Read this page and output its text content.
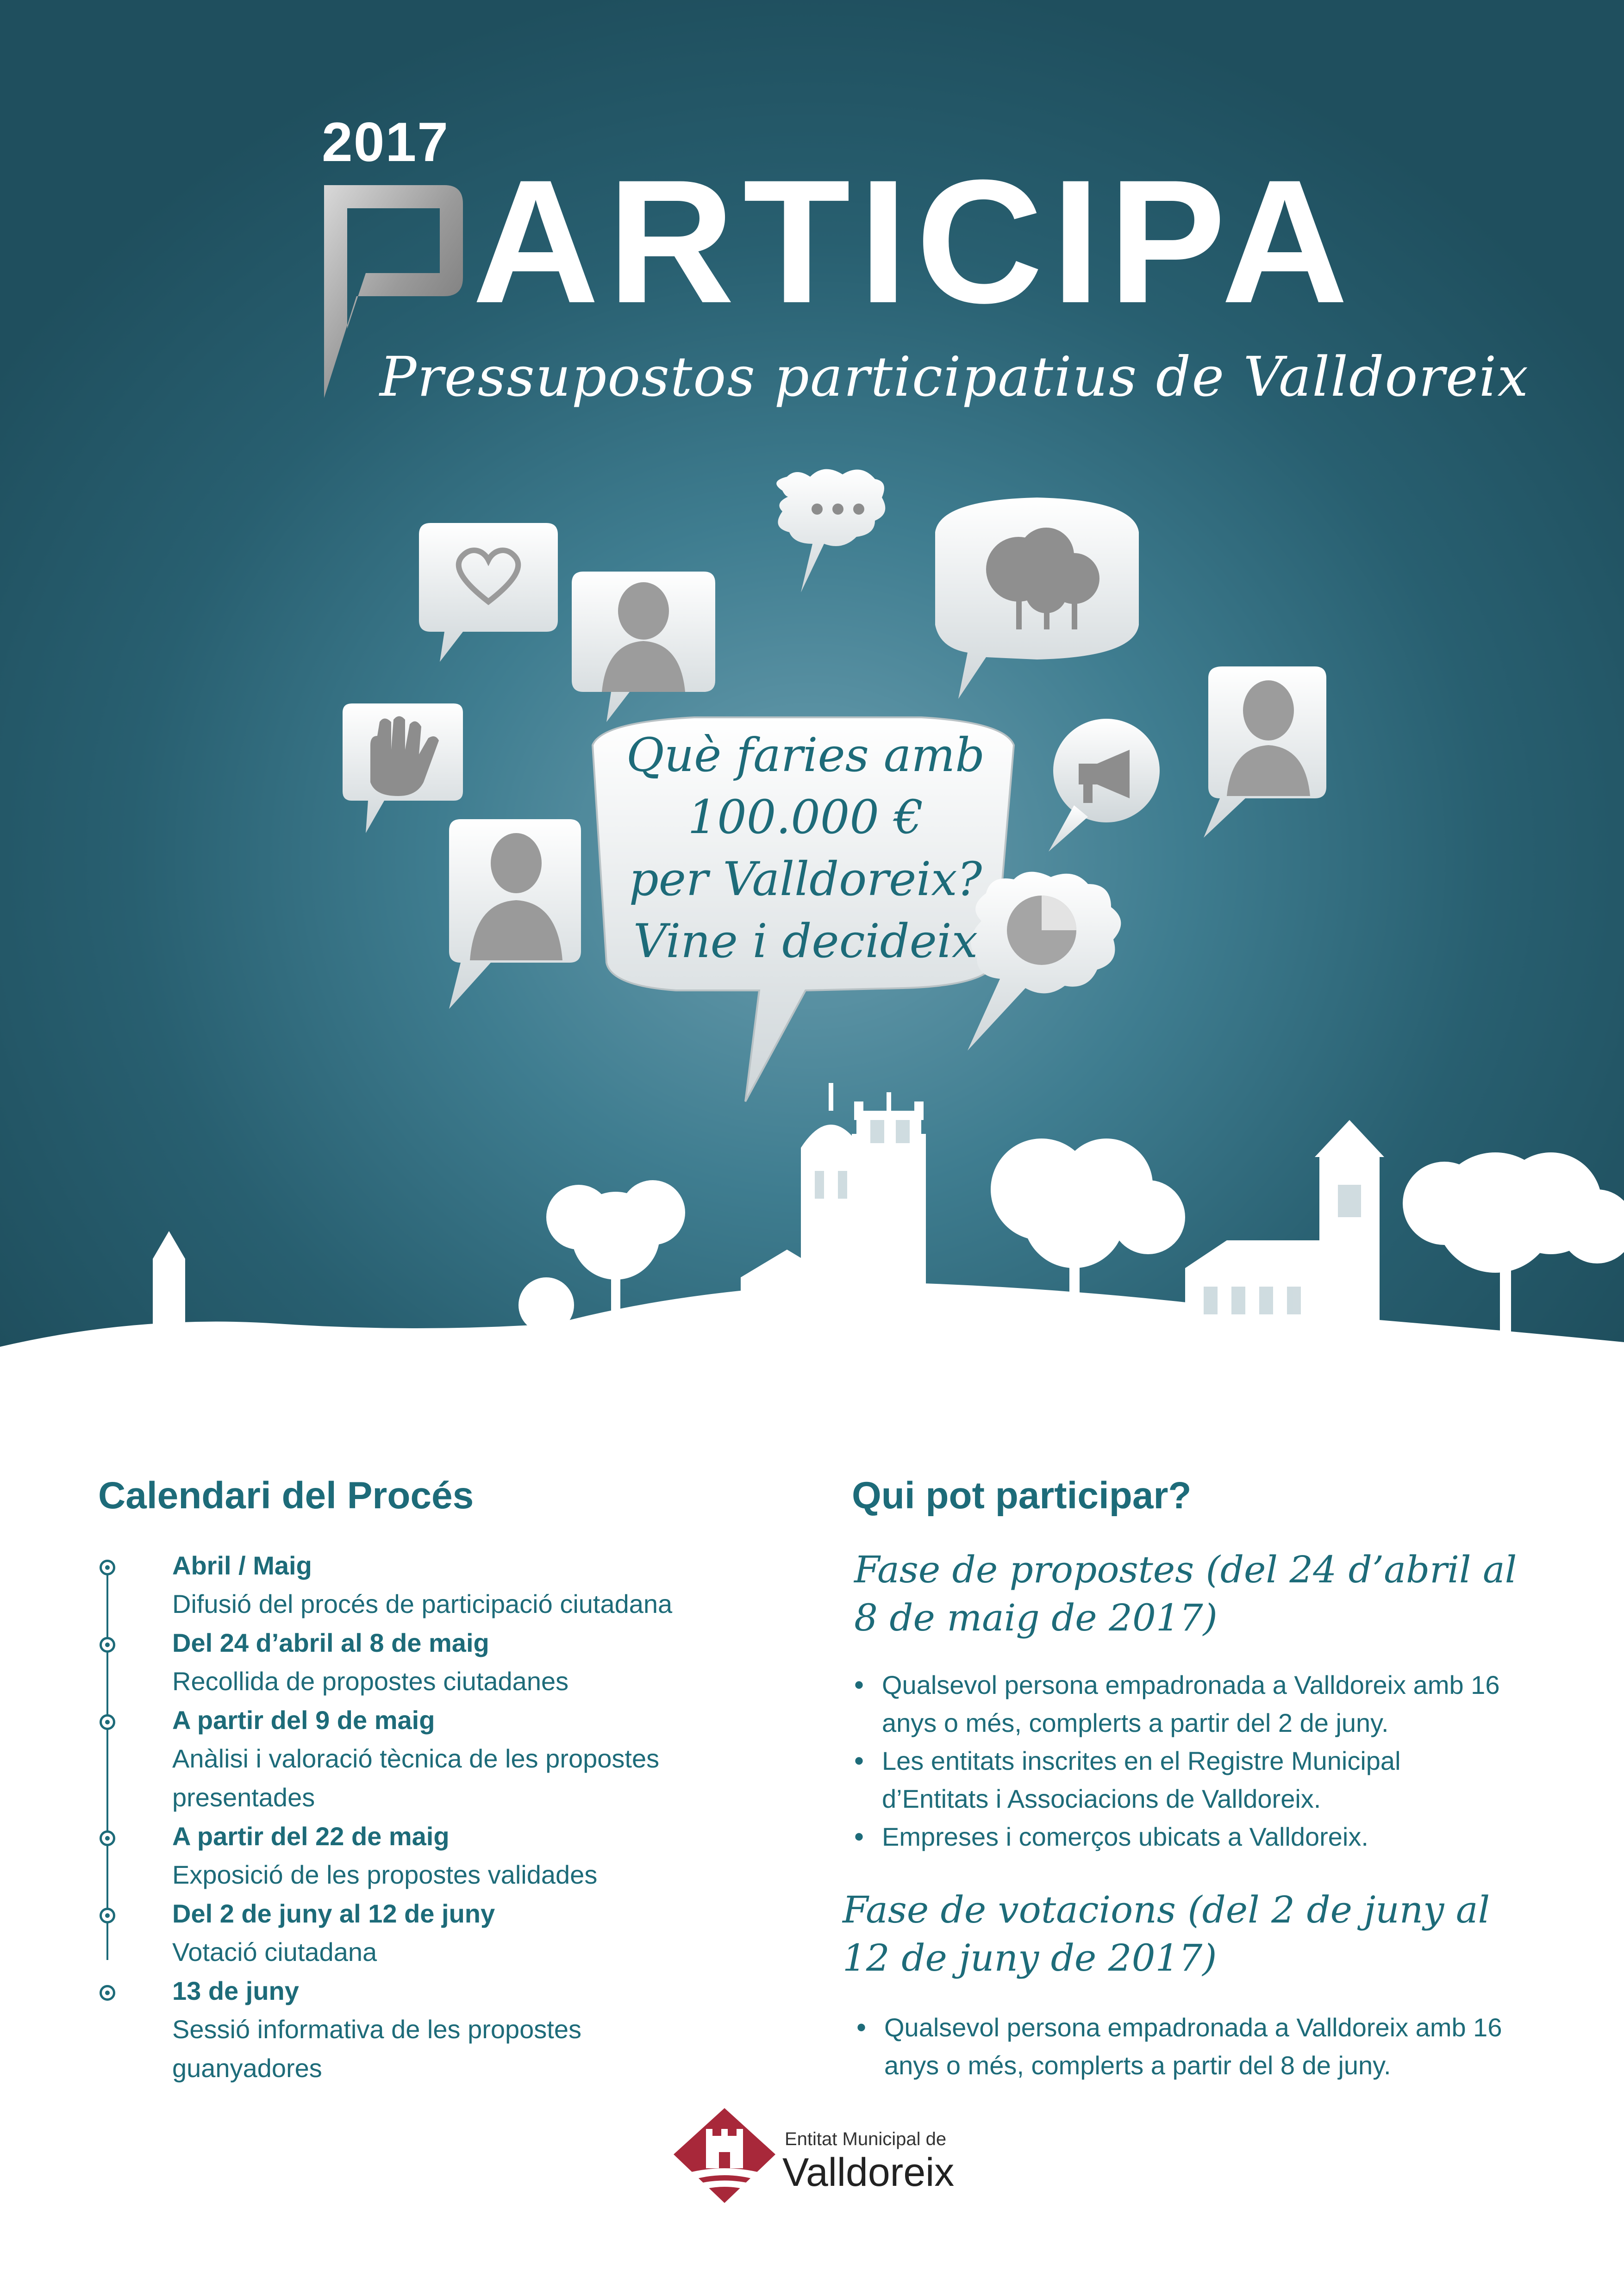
2017
ARTICIPA
Pressupostos participatius de Valldoreix
Què faries amb
100.000 €
per Valldoreix?
Vine i decideix
Calendari del Procés
Abril / Maig
Difusió del procés de participació ciutadana
Del 24 d’abril al 8 de maig
Recollida de propostes ciutadanes
A partir del 9 de maig
Anàlisi i valoració tècnica de les propostes presentades
A partir del 22 de maig
Exposició de les propostes validades
Del 2 de juny al 12 de juny
Votació ciutadana
13 de juny
Sessió informativa de les propostes guanyadores
Qui pot participar?
Fase de propostes (del 24 d’abril al 8 de maig de 2017)
• Qualsevol persona empadronada a Valldoreix amb 16 anys o més, complerts a partir del 2 de juny.
• Les entitats inscrites en el Registre Municipal d’Entitats i Associacions de Valldoreix.
• Empreses i comerços ubicats a Valldoreix.
Fase de votacions (del 2 de juny al 12 de juny de 2017)
• Qualsevol persona empadronada a Valldoreix amb 16 anys o més, complerts a partir del 8 de juny.
Entitat Municipal de
Valldoreix
